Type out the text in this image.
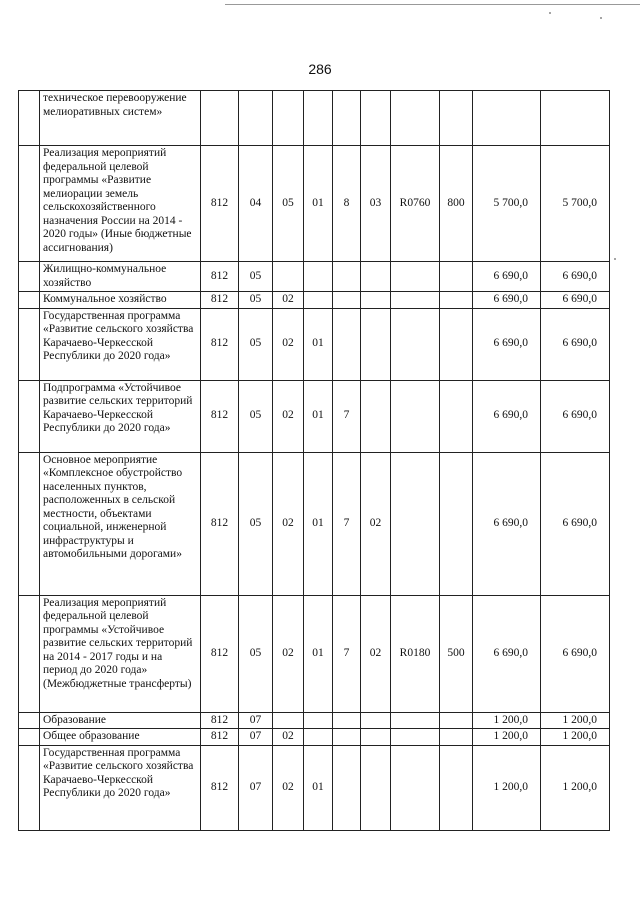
286
	техническое перевооружение мелиоративных систем»										
	Реализация мероприятий федеральной целевой программы «Развитие мелиорации земель сельскохозяйственного назначения России на 2014 - 2020 годы» (Иные бюджетные ассигнования)	812	04	05	01	8	03	R0760	800	5 700,0	5 700,0
	Жилищно-коммунальное хозяйство	812	05							6 690,0	6 690,0
	Коммунальное хозяйство	812	05	02						6 690,0	6 690,0
	Государственная программа «Развитие сельского хозяйства Карачаево-Черкесской Республики до 2020 года»	812	05	02	01					6 690,0	6 690,0
	Подпрограмма «Устойчивое развитие сельских территорий Карачаево-Черкесской Республики до 2020 года»	812	05	02	01	7				6 690,0	6 690,0
	Основное мероприятие «Комплексное обустройство населенных пунктов, расположенных в сельской местности, объектами социальной, инженерной инфраструктуры и автомобильными дорогами»	812	05	02	01	7	02			6 690,0	6 690,0
	Реализация мероприятий федеральной целевой программы «Устойчивое развитие сельских территорий на 2014 - 2017 годы и на период до 2020 года» (Межбюджетные трансферты)	812	05	02	01	7	02	R0180	500	6 690,0	6 690,0
	Образование	812	07							1 200,0	1 200,0
	Общее образование	812	07	02						1 200,0	1 200,0
	Государственная программа «Развитие сельского хозяйства Карачаево-Черкесской Республики до 2020 года»	812	07	02	01					1 200,0	1 200,0
